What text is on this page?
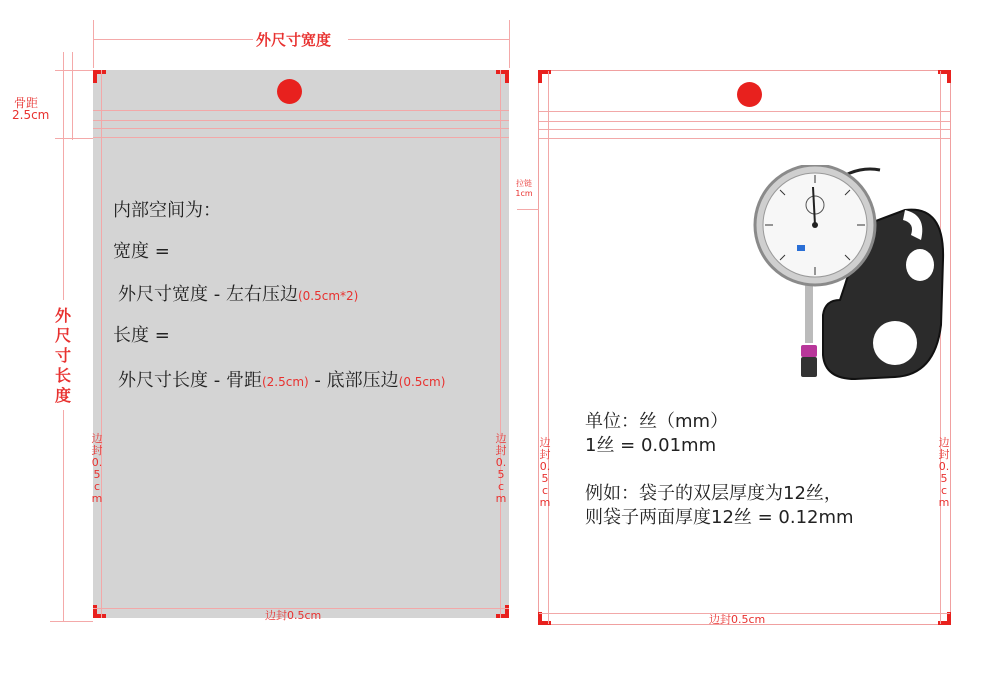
外尺寸宽度
骨距
2.5cm
外
尺
寸
长
度
边封0.5cm
边封0.5cm
边封0.5cm
内部空间为：
宽度 =
外尺寸宽度 - 左右压边(0.5cm*2)
长度 =
外尺寸长度 - 骨距(2.5cm) - 底部压边(0.5cm)
边封0.5cm
边封0.5cm
边封0.5cm
拉链
1cm
单位：丝（mm）
1丝 = 0.01mm
例如：袋子的双层厚度为12丝，
则袋子两面厚度12丝 = 0.12mm
